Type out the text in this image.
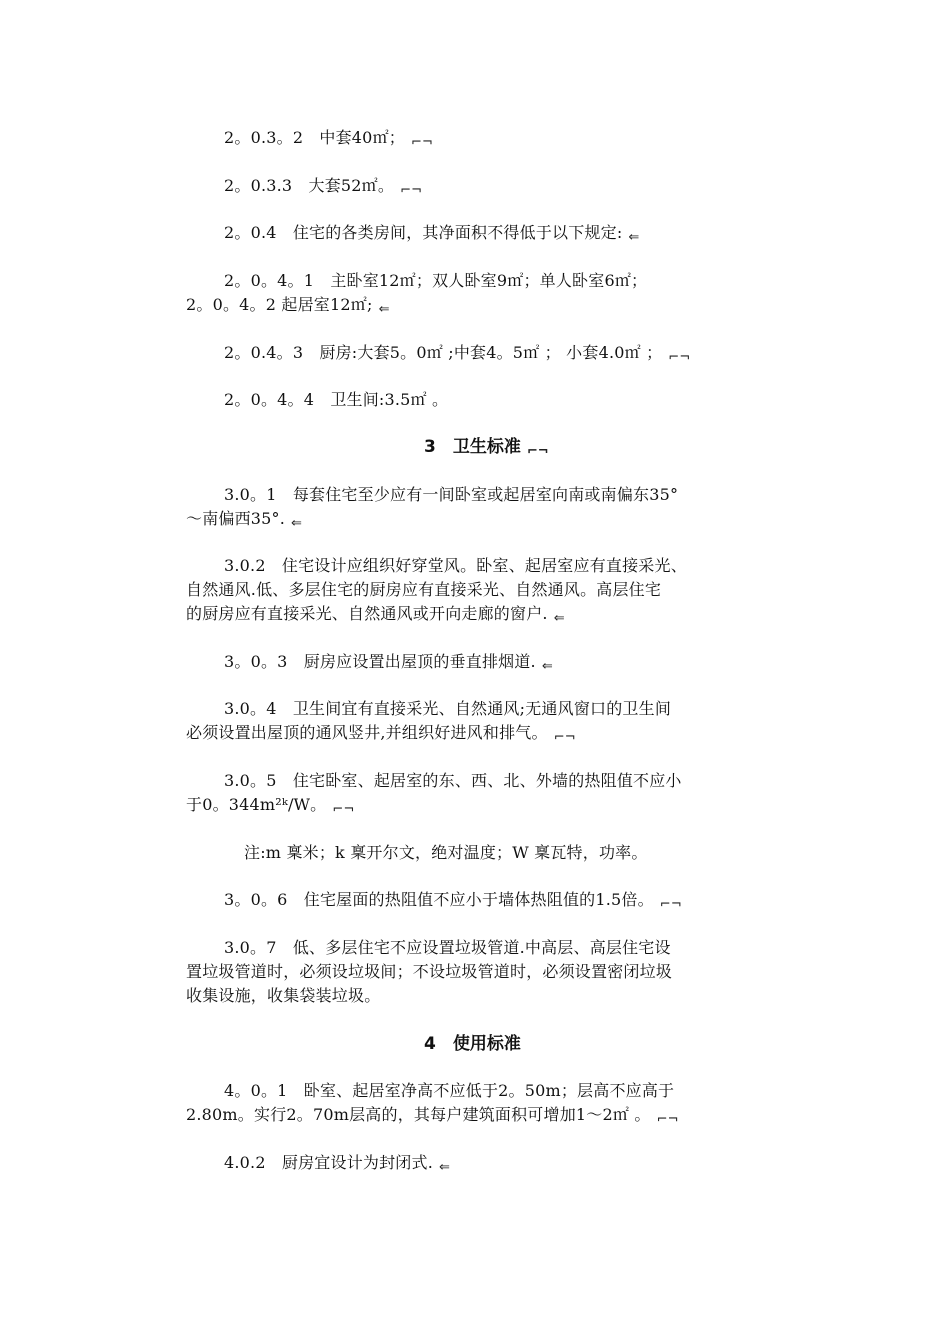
2。0.3。2　中套40㎡； ⌐¬
2。0.3.3　大套52㎡。 ⌐¬
2。0.4　住宅的各类房间，其净面积不得低于以下规定: ⇐
2。0。4。1　主卧室12㎡；双人卧室9㎡；单人卧室6㎡；
2。0。4。2 起居室12㎡; ⇐
2。0.4。3　厨房:大套5。0㎡ ;中套4。5㎡ ； 小套4.0㎡ ； ⌐¬
2。0。4。4　卫生间:3.5㎡ 。
3　卫生标准 ⌐¬
3.0。1　每套住宅至少应有一间卧室或起居室向南或南偏东35°
～南偏西35°. ⇐
3.0.2　住宅设计应组织好穿堂风。卧室、起居室应有直接采光、
自然通风.低、多层住宅的厨房应有直接采光、自然通风。高层住宅
的厨房应有直接采光、自然通风或开向走廊的窗户. ⇐
3。0。3　厨房应设置出屋顶的垂直排烟道. ⇐
3.0。4　卫生间宜有直接采光、自然通风;无通风窗口的卫生间
必须设置出屋顶的通风竖井,并组织好进风和排气。 ⌐¬
3.0。5　住宅卧室、起居室的东、西、北、外墙的热阻值不应小
于0。344m²ᵏ/W。 ⌐¬
注:m 稟米；k 稟开尔文，绝对温度；W 稟瓦特，功率。
3。0。6　住宅屋面的热阻值不应小于墙体热阻值的1.5倍。 ⌐¬
3.0。7　低、多层住宅不应设置垃圾管道.中高层、高层住宅设
置垃圾管道时，必须设垃圾间；不设垃圾管道时，必须设置密闭垃圾
收集设施，收集袋装垃圾。
4　使用标准
4。0。1　卧室、起居室净高不应低于2。50m；层高不应高于
2.80m。实行2。70m层高的，其每户建筑面积可增加1～2㎡ 。 ⌐¬
4.0.2　厨房宜设计为封闭式. ⇐
